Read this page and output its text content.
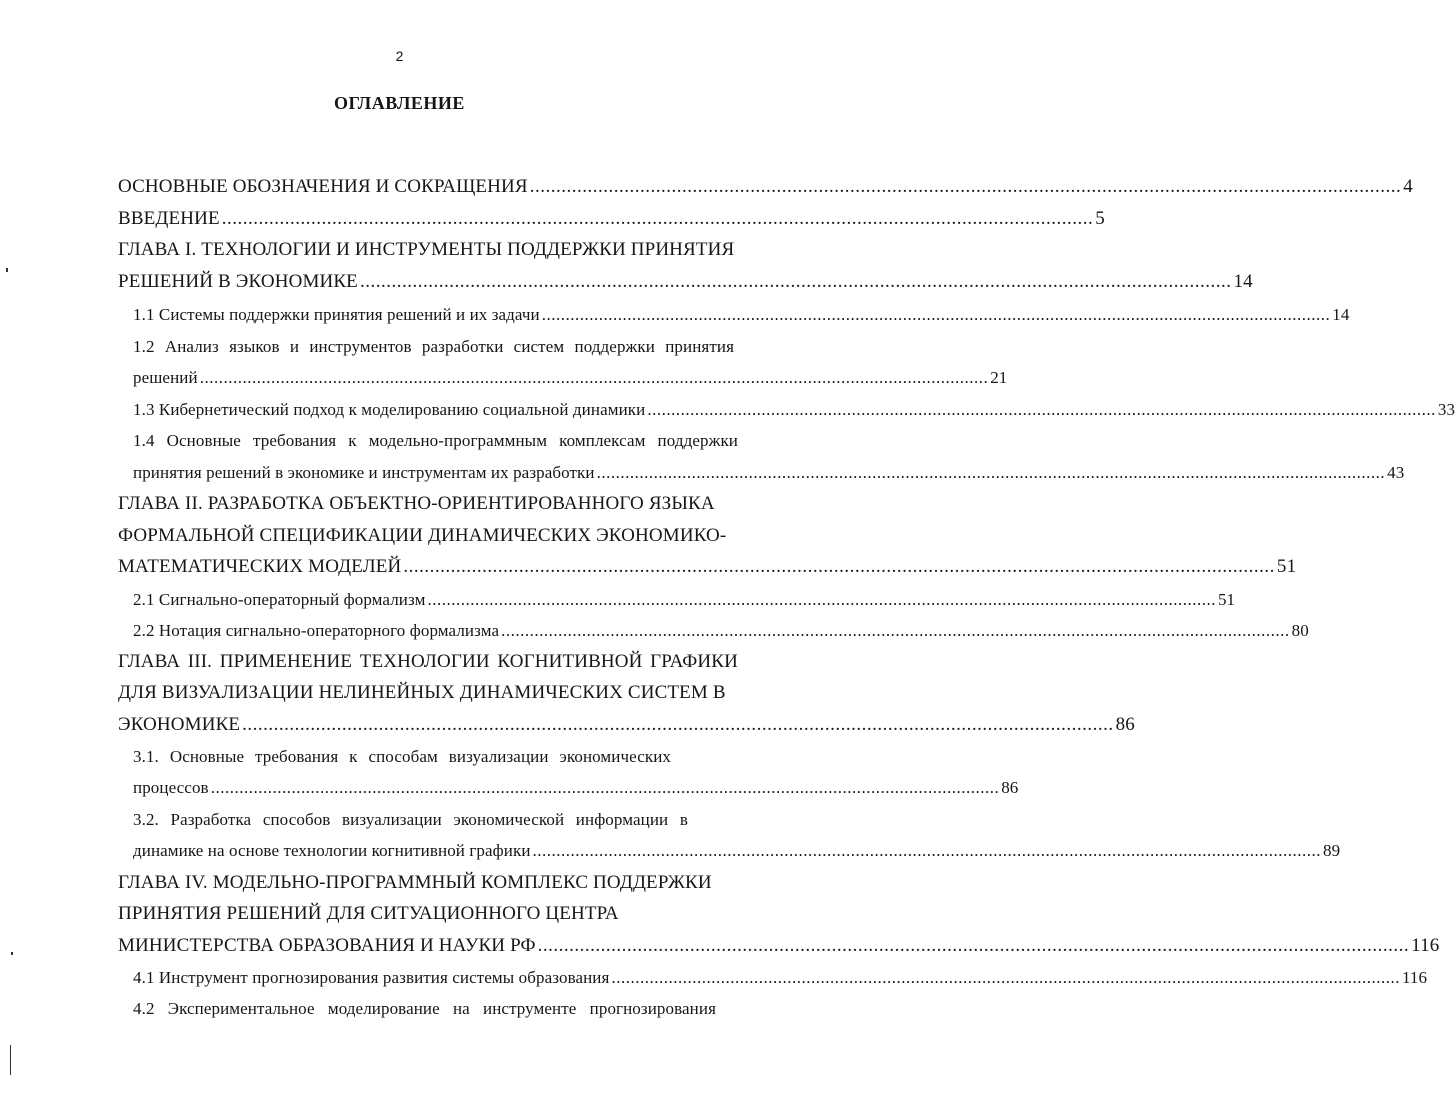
2
ОГЛАВЛЕНИЕ
ОСНОВНЫЕ ОБОЗНАЧЕНИЯ И СОКРАЩЕНИЯ ...................................................................................................................................................................... 4
ВВЕДЕНИЕ ...................................................................................................................................................................... 5
ГЛАВА I. ТЕХНОЛОГИИ И ИНСТРУМЕНТЫ ПОДДЕРЖКИ ПРИНЯТИЯ
РЕШЕНИЙ В ЭКОНОМИКЕ ...................................................................................................................................................................... 14
1.1 Системы поддержки принятия решений и их задачи ...................................................................................................................................................................... 14
1.2 Анализ языков и инструментов разработки систем поддержки принятия
решений ...................................................................................................................................................................... 21
1.3 Кибернетический подход к моделированию социальной динамики ...................................................................................................................................................................... 33
1.4 Основные требования к модельно-программным комплексам поддержки
принятия решений в экономике и инструментам их разработки ...................................................................................................................................................................... 43
ГЛАВА II. РАЗРАБОТКА ОБЪЕКТНО-ОРИЕНТИРОВАННОГО ЯЗЫКА
ФОРМАЛЬНОЙ СПЕЦИФИКАЦИИ ДИНАМИЧЕСКИХ ЭКОНОМИКО-
МАТЕМАТИЧЕСКИХ МОДЕЛЕЙ ...................................................................................................................................................................... 51
2.1 Сигнально-операторный формализм ...................................................................................................................................................................... 51
2.2 Нотация сигнально-операторного формализма ...................................................................................................................................................................... 80
ГЛАВА III. ПРИМЕНЕНИЕ ТЕХНОЛОГИИ КОГНИТИВНОЙ ГРАФИКИ
ДЛЯ ВИЗУАЛИЗАЦИИ НЕЛИНЕЙНЫХ ДИНАМИЧЕСКИХ СИСТЕМ В
ЭКОНОМИКЕ ...................................................................................................................................................................... 86
3.1. Основные требования к способам визуализации экономических
процессов ...................................................................................................................................................................... 86
3.2. Разработка способов визуализации экономической информации в
динамике на основе технологии когнитивной графики ...................................................................................................................................................................... 89
ГЛАВА IV. МОДЕЛЬНО-ПРОГРАММНЫЙ КОМПЛЕКС ПОДДЕРЖКИ
ПРИНЯТИЯ РЕШЕНИЙ ДЛЯ СИТУАЦИОННОГО ЦЕНТРА
МИНИСТЕРСТВА ОБРАЗОВАНИЯ И НАУКИ РФ ...................................................................................................................................................................... 116
4.1 Инструмент прогнозирования развития системы образования ...................................................................................................................................................................... 116
4.2 Экспериментальное моделирование на инструменте прогнозирования
